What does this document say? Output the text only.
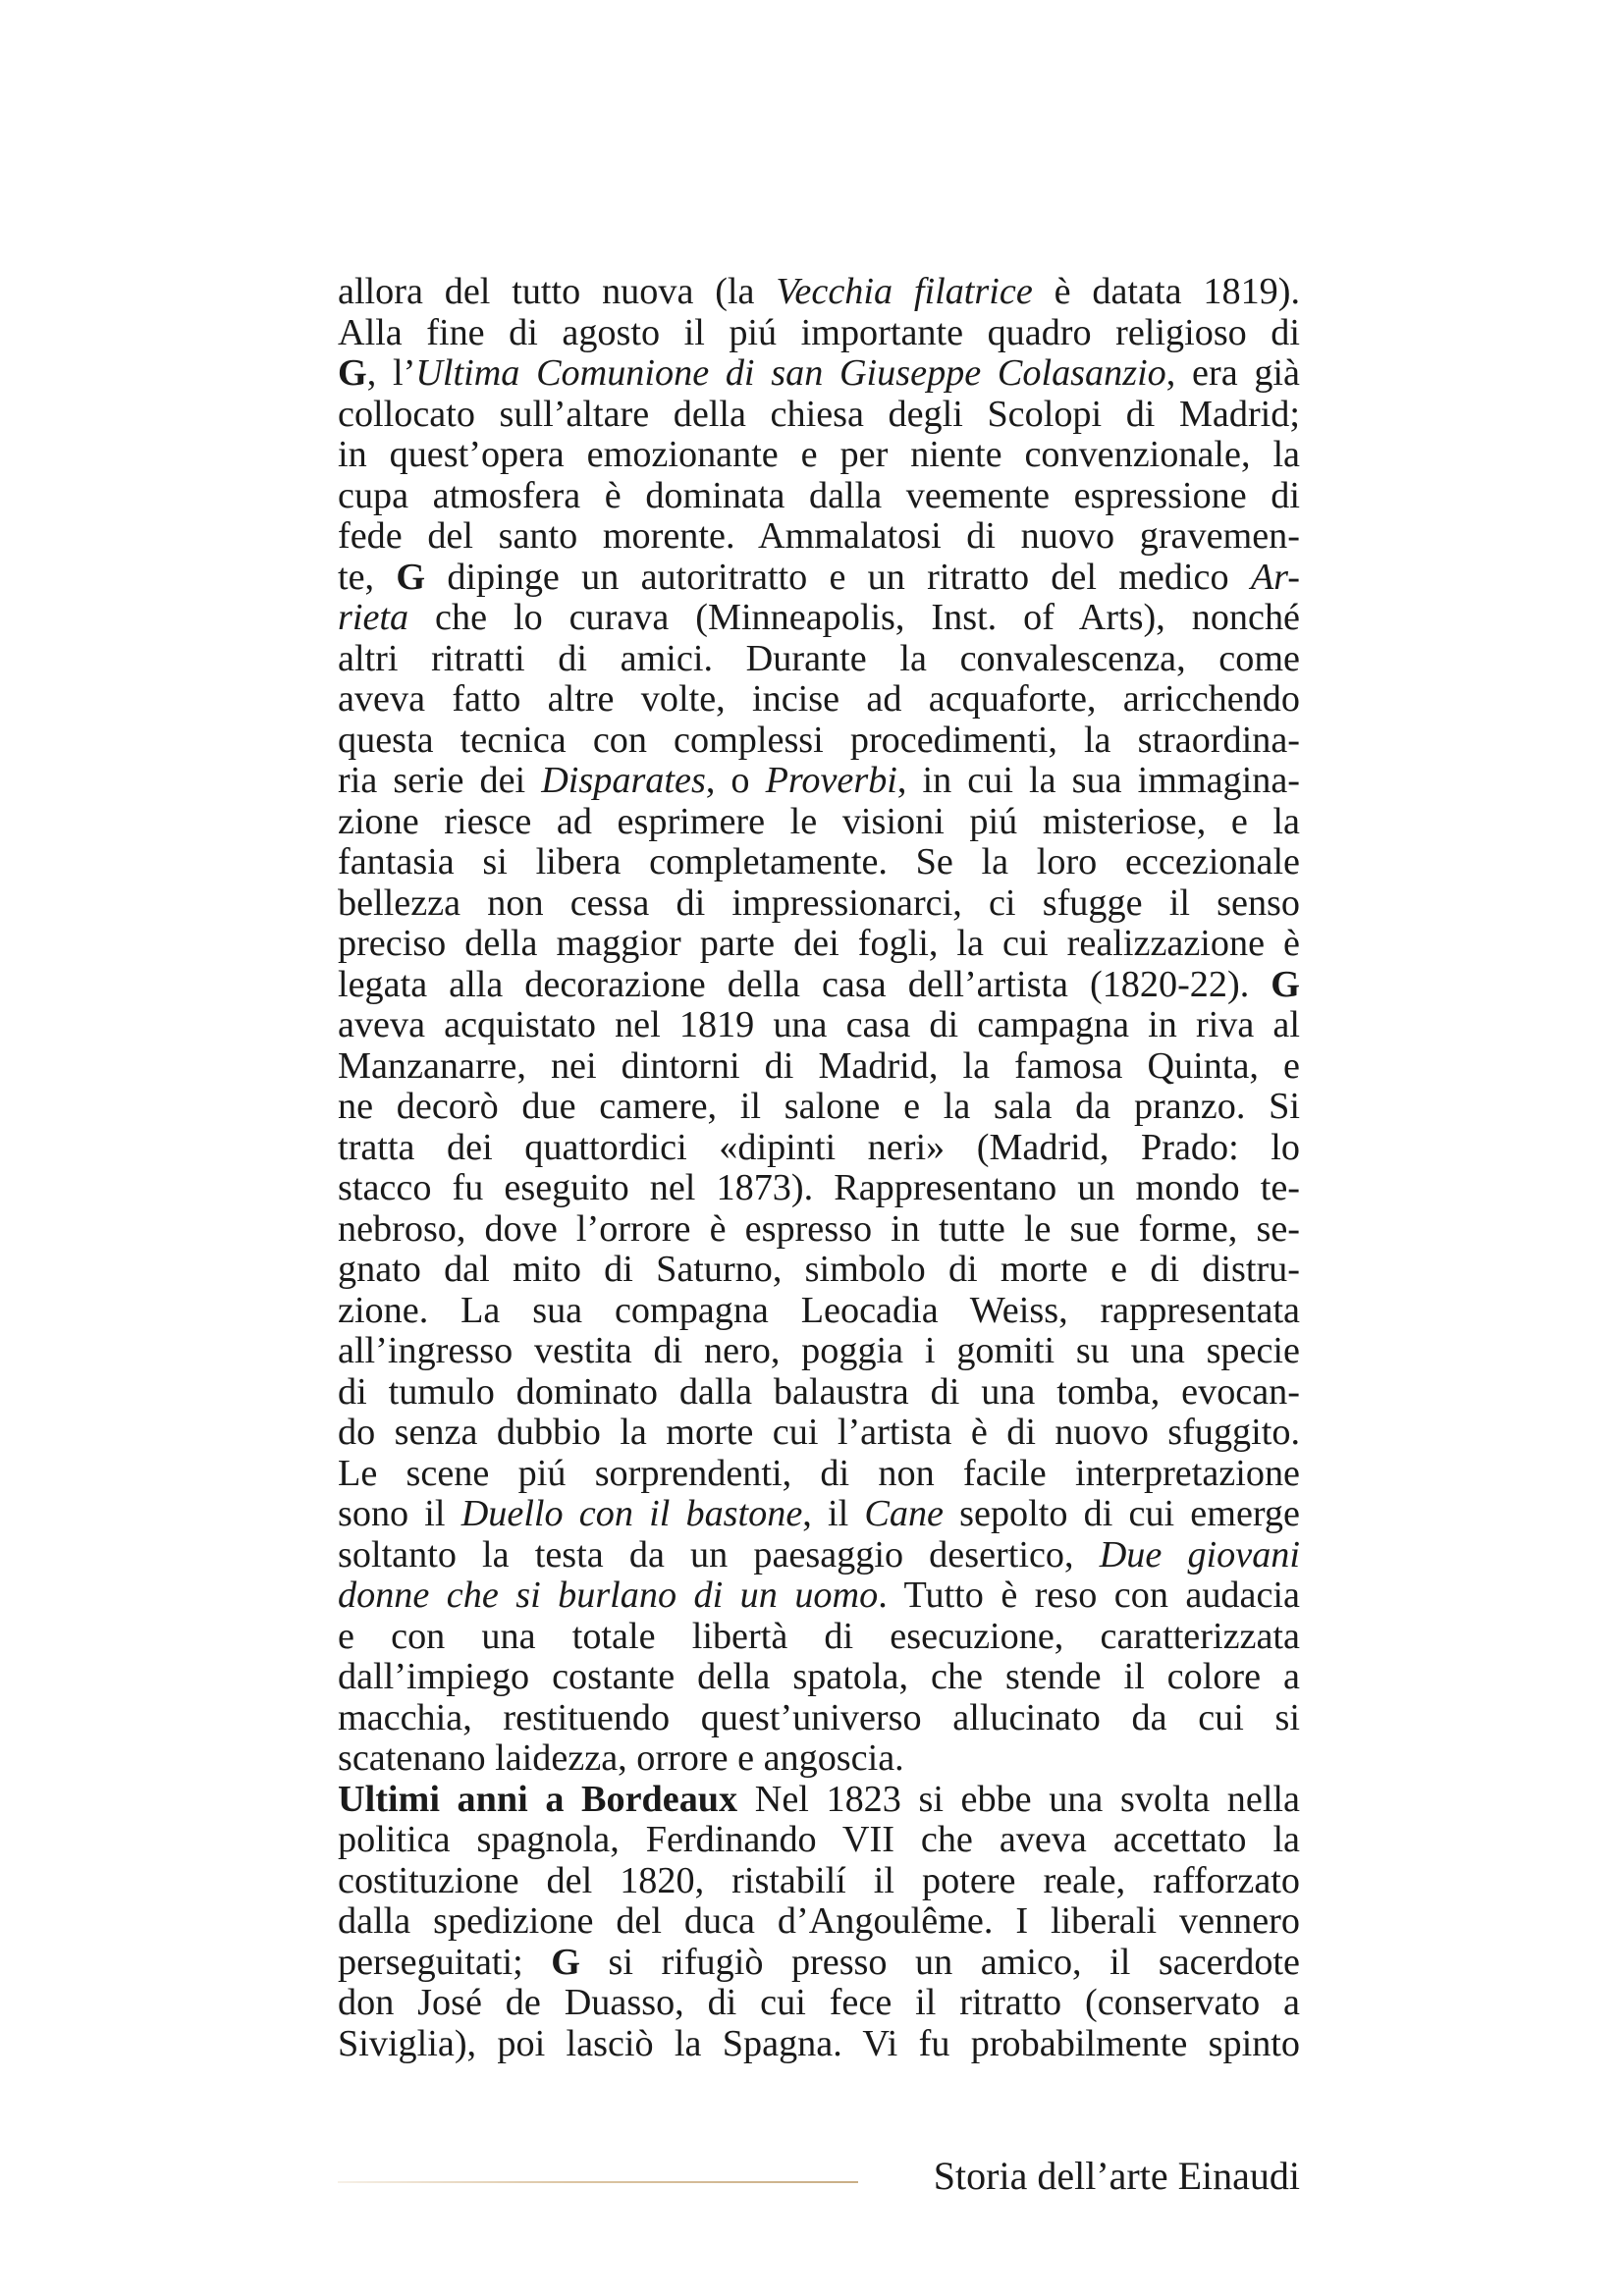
allora del tutto nuova (la Vecchia filatrice è datata 1819).
Alla fine di agosto il piú importante quadro religioso di
G, l’Ultima Comunione di san Giuseppe Colasanzio, era già
collocato sull’altare della chiesa degli Scolopi di Madrid;
in quest’opera emozionante e per niente convenzionale, la
cupa atmosfera è dominata dalla veemente espressione di
fede del santo morente. Ammalatosi di nuovo gravemen-
te, G dipinge un autoritratto e un ritratto del medico Ar-
rieta che lo curava (Minneapolis, Inst. of Arts), nonché
altri ritratti di amici. Durante la convalescenza, come
aveva fatto altre volte, incise ad acquaforte, arricchendo
questa tecnica con complessi procedimenti, la straordina-
ria serie dei Disparates, o Proverbi, in cui la sua immagina-
zione riesce ad esprimere le visioni piú misteriose, e la
fantasia si libera completamente. Se la loro eccezionale
bellezza non cessa di impressionarci, ci sfugge il senso
preciso della maggior parte dei fogli, la cui realizzazione è
legata alla decorazione della casa dell’artista (1820-22). G
aveva acquistato nel 1819 una casa di campagna in riva al
Manzanarre, nei dintorni di Madrid, la famosa Quinta, e
ne decorò due camere, il salone e la sala da pranzo. Si
tratta dei quattordici «dipinti neri» (Madrid, Prado: lo
stacco fu eseguito nel 1873). Rappresentano un mondo te-
nebroso, dove l’orrore è espresso in tutte le sue forme, se-
gnato dal mito di Saturno, simbolo di morte e di distru-
zione. La sua compagna Leocadia Weiss, rappresentata
all’ingresso vestita di nero, poggia i gomiti su una specie
di tumulo dominato dalla balaustra di una tomba, evocan-
do senza dubbio la morte cui l’artista è di nuovo sfuggito.
Le scene piú sorprendenti, di non facile interpretazione
sono il Duello con il bastone, il Cane sepolto di cui emerge
soltanto la testa da un paesaggio desertico, Due giovani
donne che si burlano di un uomo. Tutto è reso con audacia
e con una totale libertà di esecuzione, caratterizzata
dall’impiego costante della spatola, che stende il colore a
macchia, restituendo quest’universo allucinato da cui si
scatenano laidezza, orrore e angoscia.
Ultimi anni a Bordeaux Nel 1823 si ebbe una svolta nella
politica spagnola, Ferdinando VII che aveva accettato la
costituzione del 1820, ristabilí il potere reale, rafforzato
dalla spedizione del duca d’Angoulême. I liberali vennero
perseguitati; G si rifugiò presso un amico, il sacerdote
don José de Duasso, di cui fece il ritratto (conservato a
Siviglia), poi lasciò la Spagna. Vi fu probabilmente spinto
Storia dell’arte Einaudi
